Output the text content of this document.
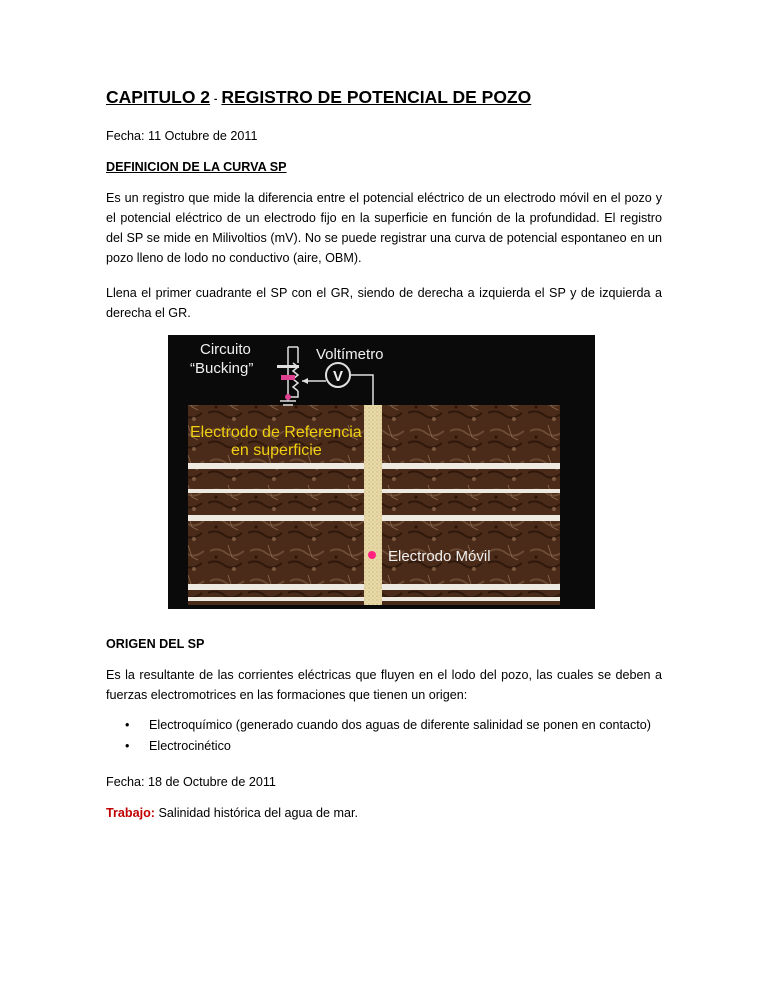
CAPITULO 2 - REGISTRO DE POTENCIAL DE POZO
Fecha: 11 Octubre de 2011
DEFINICION DE LA CURVA SP
Es un registro que mide la diferencia entre el potencial eléctrico de un electrodo móvil en el pozo y
el potencial eléctrico de un electrodo fijo en la superficie en función de la profundidad. El registro
del SP se mide en Milivoltios (mV). No se puede registrar una curva de potencial espontaneo en un
pozo lleno de lodo no conductivo (aire, OBM).
Llena el primer cuadrante el SP con el GR, siendo de derecha a izquierda el SP y de izquierda a
derecha el GR.
ORIGEN DEL SP
Es la resultante de las corrientes eléctricas que fluyen en el lodo del pozo, las cuales se deben a
fuerzas electromotrices en las formaciones que tienen un origen:
• Electroquímico (generado cuando dos aguas de diferente salinidad se ponen en contacto)
• Electrocinético
Fecha: 18 de Octubre de 2011
Trabajo: Salinidad histórica del agua de mar.
V
Circuito
“Bucking”
Voltímetro
Electrodo de Referencia
en superficie
Electrodo Móvil
